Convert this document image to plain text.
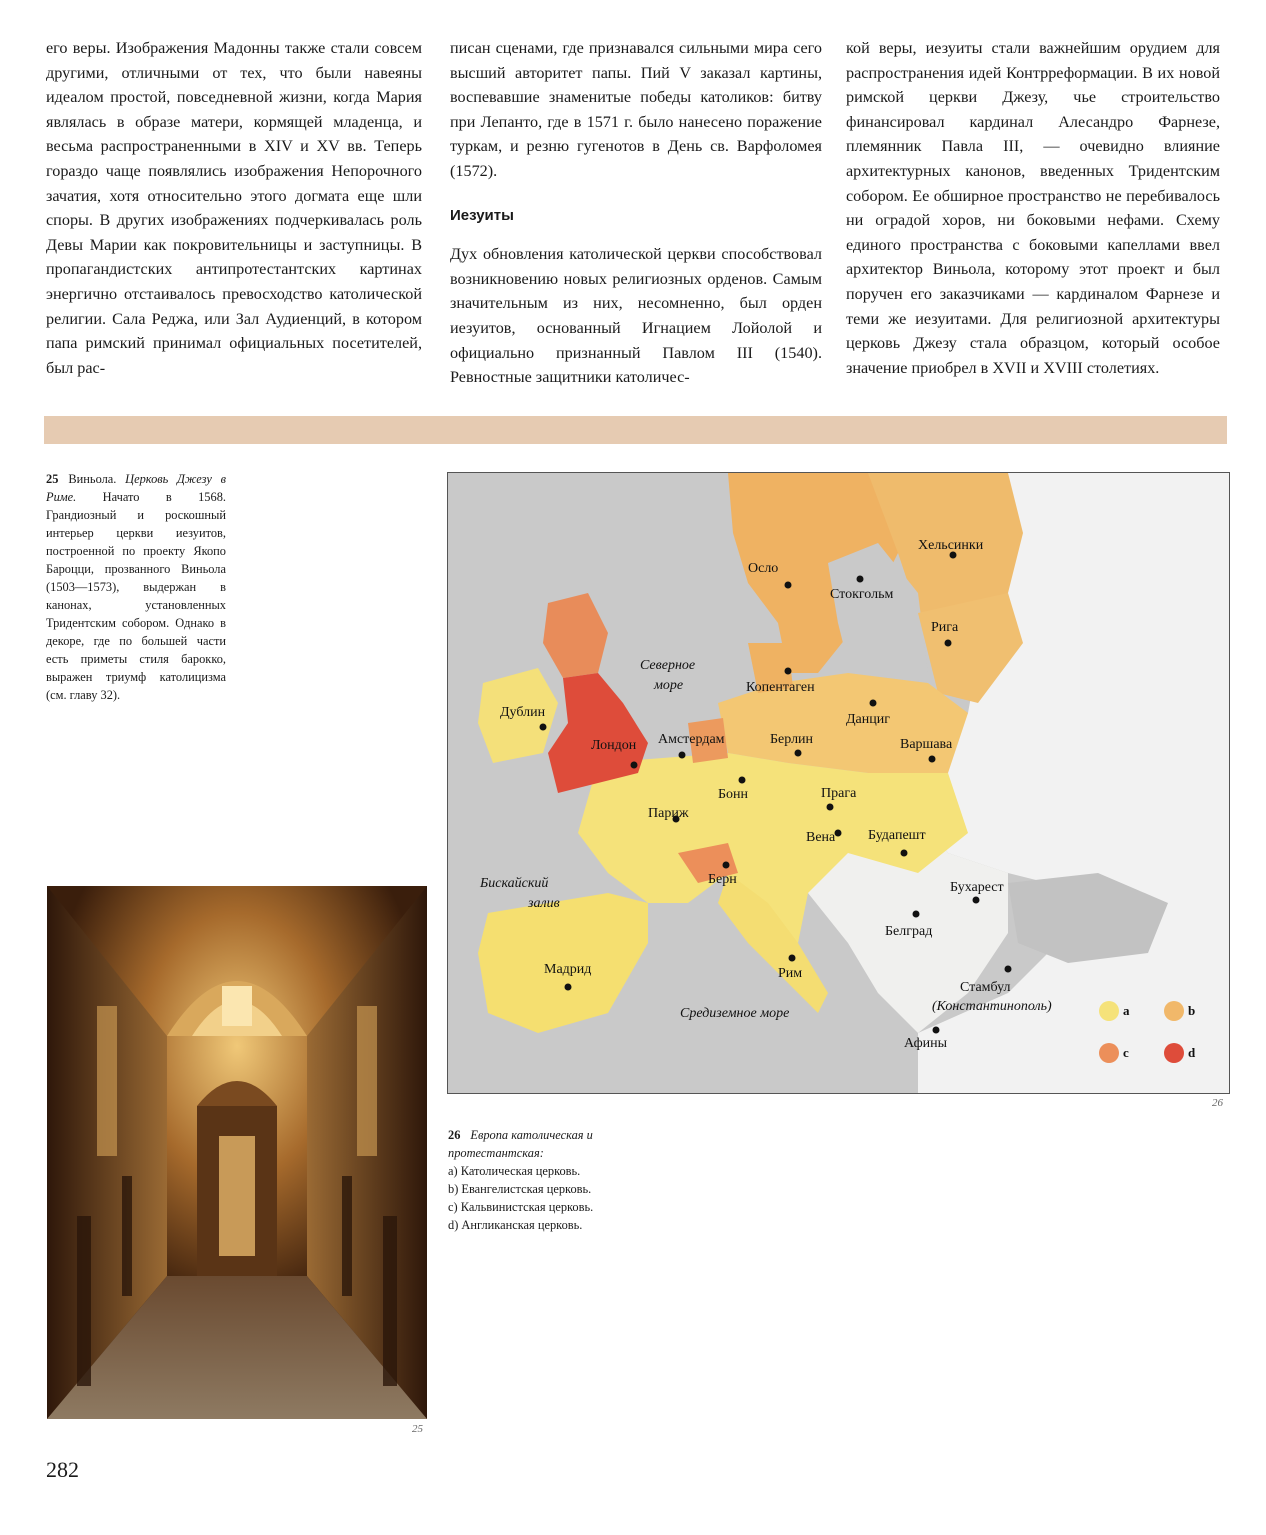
его веры. Изображения Мадонны также стали совсем другими, отличными от тех, что были навеяны идеалом простой, повседневной жизни, когда Мария являлась в образе матери, кормящей младенца, и весьма распространенными в XIV и XV вв. Теперь гораздо чаще появлялись изображения Непорочного зачатия, хотя относительно этого догмата еще шли споры. В других изображениях подчеркивалась роль Девы Марии как покровительницы и заступницы. В пропагандистских антипротестантских картинах энергично отстаивалось превосходство католической религии. Сала Реджа, или Зал Аудиенций, в котором папа римский принимал официальных посетителей, был рас-

писан сценами, где признавался сильными мира сего высший авторитет папы. Пий V заказал картины, воспевавшие знаменитые победы католиков: битву при Лепанто, где в 1571 г. было нанесено поражение туркам, и резню гугенотов в День св. Варфоломея (1572).

Иезуиты

Дух обновления католической церкви способствовал возникновению новых религиозных орденов. Самым значительным из них, несомненно, был орден иезуитов, основанный Игнацием Лойолой и официально признанный Павлом III (1540). Ревностные защитники католичес-

кой веры, иезуиты стали важнейшим орудием для распространения идей Контрреформации. В их новой римской церкви Джезу, чье строительство финансировал кардинал Алесандро Фарнезе, племянник Павла III, — очевидно влияние архитектурных канонов, введенных Тридентским собором. Ее обширное пространство не перебивалось ни оградой хоров, ни боковыми нефами. Схему единого пространства с боковыми капеллами ввел архитектор Виньола, которому этот проект и был поручен его заказчиками — кардиналом Фарнезе и теми же иезуитами. Для религиозной архитектуры церковь Джезу стала образцом, который особое значение приобрел в XVII и XVIII столетиях.

25 Виньола. Церковь Джезу в Риме. Начато в 1568. Грандиозный и роскошный интерьер церкви иезуитов, построенной по проекту Якопо Бароцци, прозванного Виньола (1503—1573), выдержан в канонах, установленных Тридентским собором. Однако в декоре, где по большей части есть приметы стиля барокко, выражен триумф католицизма (см. главу 32).
25
Осло
Стокгольм
Хельсинки
Рига
Копентаген
Данциг
Дублин
Лондон Амстердам	Берлин	Варшава
Бонн	Прага
Париж
Вена Будапешт
Берн
Бухарест
Белград
Мадрид	Рим
Стамбул
(Константинополь)
Афины
Северное
море
Бискайский
залив
Средиземное море	a	b
c	d
26
26 Европа католическая и протестантская:
a) Католическая церковь.
b) Евангелистская церковь.
c) Кальвинистская церковь.
d) Англиканская церковь.
282
